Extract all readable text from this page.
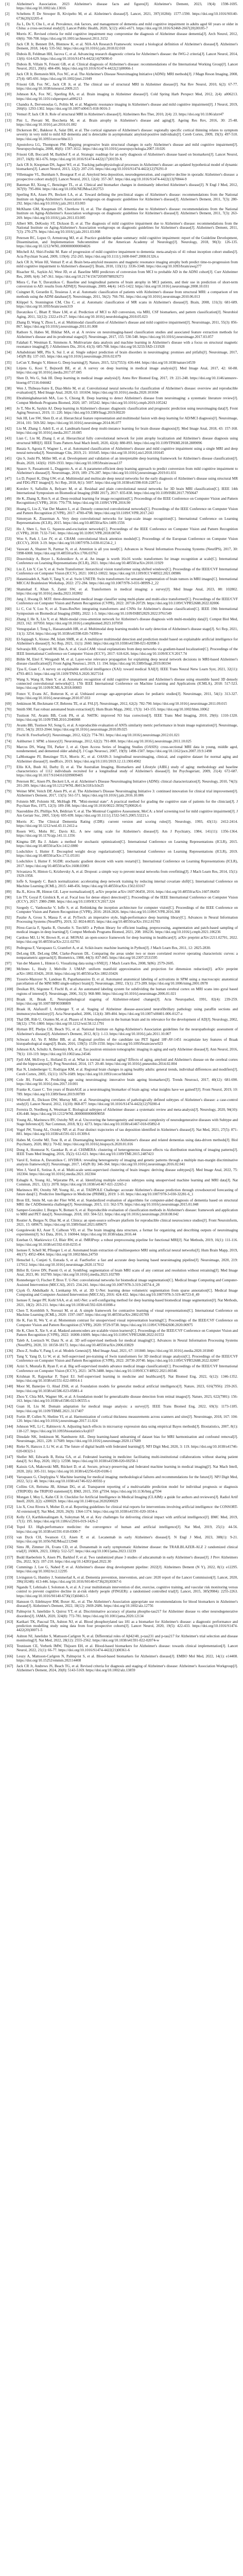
[1]	Alzheimer's Association. 2023 Alzheimer's disease facts and figures[J]. Alzheimer's Dement, 2023, 19(4): 1598-1695. https://doi.org/10.1002/alz.13016
[2]	Scheltens P, De Strooper B, Kivipelto M, et al. Alzheimer's disease[J]. Lancet, 2021, 397(10284): 1577-1590. https://doi.org/10.1016/S0140-6736(20)32205-4
[3]	Jia L, Du Y, Chu L, et al. Prevalence, risk factors, and management of dementia and mild cognitive impairment in adults aged 60 years or older in China: a cross-sectional study[J]. Lancet Public Health, 2020, 5(12): e661-e671. https://doi.org/10.1016/S2468-2667(20)30185-7
[4]	Morris JC. Revised criteria for mild cognitive impairment may compromise the diagnosis of Alzheimer disease dementia[J]. Arch Neurol, 2012, 69(6): 700-708. https://doi.org/10.1001/archneurol.2011.3152
[5]	Jack CR Jr, Bennett DA, Blennow K, et al. NIA-AA Research Framework: toward a biological definition of Alzheimer's disease[J]. Alzheimer's Dement, 2018, 14(4): 535-562. https://doi.org/10.1016/j.jalz.2018.02.018
[6]	Dubois B, Feldman HH, Jacova C, et al. Advancing research diagnostic criteria for Alzheimer's disease: the IWG-2 criteria[J]. Lancet Neurol, 2014, 13(6): 614-629. https://doi.org/10.1016/S1474-4422(14)70090-0
[7]	Dubois B, Villain N, Frisoni GB, et al. Clinical diagnosis of Alzheimer's disease: recommendations of the International Working Group[J]. Lancet Neurol, 2021, 20(6): 484-496. https://doi.org/10.1016/S1474-4422(21)00066-1
[8]	Jack CR Jr, Bernstein MA, Fox NC, et al. The Alzheimer's Disease Neuroimaging Initiative (ADNI): MRI methods[J]. J Magn Reson Imaging, 2008, 27(4): 685-691. https://doi.org/10.1002/jmri.21049
[9]	Frisoni GB, Fox NC, Jack CR Jr, et al. The clinical use of structural MRI in Alzheimer disease[J]. Nat Rev Neurol, 2010, 6(2): 67-77. https://doi.org/10.1038/nrneurol.2009.215
[10]	Johnson KA, Fox NC, Sperling RA, et al. Brain imaging in Alzheimer disease[J]. Cold Spring Harb Perspect Med, 2012, 2(4): a006213. https://doi.org/10.1101/cshperspect.a006213
[11]	Chandra A, Dervenoulas G, Politis M, et al. Magnetic resonance imaging in Alzheimer's disease and mild cognitive impairment[J]. J Neurol, 2019, 266(6): 1293-1302. https://doi.org/10.1007/s00415-018-9016-3
[12]	Vemuri P, Jack CR Jr. Role of structural MRI in Alzheimer's disease[J]. Alzheimers Res Ther, 2010, 2(4): 23. https://doi.org/10.1186/alzrt47
[13]	Pini L, Pievani M, Bocchetta M, et al. Brain atrophy in Alzheimer's disease and aging[J]. Ageing Res Rev, 2016, 30: 25-48. https://doi.org/10.1016/j.arr.2016.01.002
[14]	Dickerson BC, Bakkour A, Salat DH, et al. The cortical signature of Alzheimer's disease: regionally specific cortical thinning relates to symptom severity in very mild to mild AD dementia and is detectable in asymptomatic amyloid-positive individuals[J]. Cereb Cortex, 2009, 19(3): 497-510. https://doi.org/10.1093/cercor/bhn113
[15]	Apostolova LG, Thompson PM. Mapping progressive brain structural changes in early Alzheimer's disease and mild cognitive impairment[J]. Neuropsychologia, 2008, 46(6): 1597-1612. https://doi.org/10.1016/j.neuropsychologia.2007.10.026
[16]	Frisoni GB, Boccardi M, Barkhof F, et al. Strategic roadmap for an early diagnosis of Alzheimer's disease based on biomarkers[J]. Lancet Neurol, 2017, 16(8): 661-676. https://doi.org/10.1016/S1474-4422(17)30159-X
[17]	Jack CR Jr, Knopman DS, Jagust WJ, et al. Tracking pathophysiological processes in Alzheimer's disease: an updated hypothetical model of dynamic biomarkers[J]. Lancet Neurol, 2013, 12(2): 207-216. https://doi.org/10.1016/S1474-4422(12)70291-0
[18]	Villemagne VL, Burnham S, Bourgeat P, et al. Amyloid beta deposition, neurodegeneration, and cognitive decline in sporadic Alzheimer's disease: a prospective cohort study[J]. Lancet Neurol, 2013, 12(4): 357-367. https://doi.org/10.1016/S1474-4422(13)70044-9
[19]	Bateman RJ, Xiong C, Benzinger TL, et al. Clinical and biomarker changes in dominantly inherited Alzheimer's disease[J]. N Engl J Med, 2012, 367(9): 795-804. https://doi.org/10.1056/NEJMoa1202753
[20]	Sperling RA, Aisen PS, Beckett LA, et al. Toward defining the preclinical stages of Alzheimer's disease: recommendations from the National Institute on Aging-Alzheimer's Association workgroups on diagnostic guidelines for Alzheimer's disease[J]. Alzheimer's Dement, 2011, 7(3): 280-292. https://doi.org/10.1016/j.jalz.2011.03.003
[21]	McKhann GM, Knopman DS, Chertkow H, et al. The diagnosis of dementia due to Alzheimer's disease: recommendations from the National Institute on Aging-Alzheimer's Association workgroups on diagnostic guidelines for Alzheimer's disease[J]. Alzheimer's Dement, 2011, 7(3): 263-269. https://doi.org/10.1016/j.jalz.2011.03.005
[22]	Albert MS, DeKosky ST, Dickson D, et al. The diagnosis of mild cognitive impairment due to Alzheimer's disease: recommendations from the National Institute on Aging-Alzheimer's Association workgroups on diagnostic guidelines for Alzheimer's disease[J]. Alzheimer's Dement, 2011, 7(3): 270-279. https://doi.org/10.1016/j.jalz.2011.03.008
[23]	Petersen RC, Lopez O, Armstrong MJ, et al. Practice guideline update summary: mild cognitive impairment: report of the Guideline Development, Dissemination, and Implementation Subcommittee of the American Academy of Neurology[J]. Neurology, 2018, 90(3): 126-135. https://doi.org/10.1212/WNL.0000000000004826
[24]	Mitchell AJ, Shiri-Feshki M. Rate of progression of mild cognitive impairment to dementia: meta-analysis of 41 robust inception cohort studies[J]. Acta Psychiatr Scand, 2009, 119(4): 252-265. https://doi.org/10.1111/j.1600-0447.2008.01326.x
[25]	Jack CR Jr, Wiste HJ, Vemuri P, et al. Brain beta-amyloid measures and magnetic resonance imaging atrophy both predict time-to-progression from mild cognitive impairment to Alzheimer's disease[J]. Brain, 2010, 133(11): 3336-3348. https://doi.org/10.1093/brain/awq277
[26]	Risacher SL, Saykin AJ, West JD, et al. Baseline MRI predictors of conversion from MCI to probable AD in the ADNI cohort[J]. Curr Alzheimer Res, 2009, 6(4): 347-361. https://doi.org/10.2174/156720509788929273
[27]	Misra C, Fan Y, Davatzikos C. Baseline and longitudinal patterns of brain atrophy in MCI patients, and their use in prediction of short-term conversion to AD: results from ADNI[J]. Neuroimage, 2009, 44(4): 1415-1422. https://doi.org/10.1016/j.neuroimage.2008.10.031
[28]	Cuingnet R, Gerardin E, Tessieras J, et al. Automatic classification of patients with Alzheimer's disease from structural MRI: a comparison of ten methods using the ADNI database[J]. Neuroimage, 2011, 56(2): 766-781. https://doi.org/10.1016/j.neuroimage.2010.06.013
[29]	Klöppel S, Stonnington CM, Chu C, et al. Automatic classification of MR scans in Alzheimer's disease[J]. Brain, 2008, 131(3): 681-689. https://doi.org/10.1093/brain/awm319
[30]	Davatzikos C, Bhatt P, Shaw LM, et al. Prediction of MCI to AD conversion, via MRI, CSF biomarkers, and pattern classification[J]. Neurobiol Aging, 2011, 32(12): 2322.e19-27. https://doi.org/10.1016/j.neurobiolaging.2010.05.023
[31]	Zhang D, Wang Y, Zhou L, et al. Multimodal classification of Alzheimer's disease and mild cognitive impairment[J]. Neuroimage, 2011, 55(3): 856-867. https://doi.org/10.1016/j.neuroimage.2011.01.008
[32]	Rathore S, Habes M, Iftikhar MA, et al. A review on neuroimaging-based classification studies and associated feature extraction methods for Alzheimer's disease and its prodromal stages[J]. Neuroimage, 2017, 155: 530-548. https://doi.org/10.1016/j.neuroimage.2017.03.057
[33]	Falahati F, Westman E, Simmons A. Multivariate data analysis and machine learning in Alzheimer's disease with a focus on structural magnetic resonance imaging[J]. J Alzheimers Dis, 2014, 41(3): 685-708. https://doi.org/10.3233/JAD-131928
[34]	Arbabshirani MR, Plis S, Sui J, et al. Single subject prediction of brain disorders in neuroimaging: promises and pitfalls[J]. Neuroimage, 2017, 145(Pt B): 137-165. https://doi.org/10.1016/j.neuroimage.2016.02.079
[35]	LeCun Y, Bengio Y, Hinton G. Deep learning[J]. Nature, 2015, 521(7553): 436-444. https://doi.org/10.1038/nature14539
[36]	Litjens G, Kooi T, Bejnordi BE, et al. A survey on deep learning in medical image analysis[J]. Med Image Anal, 2017, 42: 60-88. https://doi.org/10.1016/j.media.2017.07.005
[37]	Shen D, Wu G, Suk HI. Deep learning in medical image analysis[J]. Annu Rev Biomed Eng, 2017, 19: 221-248. https://doi.org/10.1146/annurev-bioeng-071516-044442
[38]	Wen J, Thibeau-Sutre E, Diaz-Melo M, et al. Convolutional neural networks for classification of Alzheimer's disease: overview and reproducible evaluation[J]. Med Image Anal, 2020, 63: 101694. https://doi.org/10.1016/j.media.2020.101694
[39]	Ebrahimighahnavieh MA, Luo S, Chiong R. Deep learning to detect Alzheimer's disease from neuroimaging: a systematic literature review[J]. Comput Methods Programs Biomed, 2020, 187: 105242. https://doi.org/10.1016/j.cmpb.2019.105242
[40]	Jo T, Nho K, Saykin AJ. Deep learning in Alzheimer's disease: diagnostic classification and prognostic prediction using neuroimaging data[J]. Front Aging Neurosci, 2019, 11: 220. https://doi.org/10.3389/fnagi.2019.00220
[41]	Suk HI, Lee SW, Shen D, et al. Hierarchical feature representation and multimodal fusion with deep learning for AD/MCI diagnosis[J]. Neuroimage, 2014, 101: 569-582. https://doi.org/10.1016/j.neuroimage.2014.06.077
[42]	Liu M, Zhang J, Adeli E, et al. Landmark-based deep multi-instance learning for brain disease diagnosis[J]. Med Image Anal, 2018, 43: 157-168. https://doi.org/10.1016/j.media.2017.10.005
[43]	Lian C, Liu M, Zhang J, et al. Hierarchical fully convolutional network for joint atrophy localization and Alzheimer's disease diagnosis using structural MRI[J]. IEEE Trans Pattern Anal Mach Intell, 2020, 42(4): 880-893. https://doi.org/10.1109/TPAMI.2018.2889096
[44]	Basaia S, Agosta F, Wagner L, et al. Automated classification of Alzheimer's disease and mild cognitive impairment using a single MRI and deep neural networks[J]. Neuroimage Clin, 2019, 21: 101645. https://doi.org/10.1016/j.nicl.2018.101645
[45]	Qiu S, Joshi PS, Miller MI, et al. Development and validation of an interpretable deep learning framework for Alzheimer's disease classification[J]. Brain, 2020, 143(6): 1920-1933. https://doi.org/10.1093/brain/awaa137
[46]	Spasov S, Passamonti L, Duggento A, et al. A parameter-efficient deep learning approach to predict conversion from mild cognitive impairment to Alzheimer's disease[J]. Neuroimage, 2019, 189: 276-287. https://doi.org/10.1016/j.neuroimage.2019.01.031
[47]	Lu D, Popuri K, Ding GW, et al. Multimodal and multiscale deep neural networks for the early diagnosis of Alzheimer's disease using structural MR and FDG-PET images[J]. Sci Rep, 2018, 8(1): 5697. https://doi.org/10.1038/s41598-018-22871-z
[48]	Korolev S, Safiullin A, Belyaev M, et al. Residual and plain convolutional neural networks for 3D brain MRI classification[C]. IEEE 14th International Symposium on Biomedical Imaging (ISBI 2017), 2017: 835-838. https://doi.org/10.1109/ISBI.2017.7950647
[49]	He K, Zhang X, Ren S, et al. Deep residual learning for image recognition[C]. Proceedings of the IEEE Conference on Computer Vision and Pattern Recognition (CVPR), 2016: 770-778. https://doi.org/10.1109/CVPR.2016.90
[50]	Huang G, Liu Z, Van Der Maaten L, et al. Densely connected convolutional networks[C]. Proceedings of the IEEE Conference on Computer Vision and Pattern Recognition (CVPR), 2017: 4700-4708. https://doi.org/10.1109/CVPR.2017.243
[51]	Simonyan K, Zisserman A. Very deep convolutional networks for large-scale image recognition[C]. International Conference on Learning Representations (ICLR), 2015. https://doi.org/10.48550/arXiv.1409.1556
[52]	Hu J, Shen L, Sun G. Squeeze-and-excitation networks[C]. Proceedings of the IEEE Conference on Computer Vision and Pattern Recognition (CVPR), 2018: 7132-7141. https://doi.org/10.1109/CVPR.2018.00745
[53]	Woo S, Park J, Lee JY, et al. CBAM: convolutional block attention module[C]. Proceedings of the European Conference on Computer Vision (ECCV), 2018: 3-19. https://doi.org/10.1007/978-3-030-01234-2_1
[54]	Vaswani A, Shazeer N, Parmar N, et al. Attention is all you need[C]. Advances in Neural Information Processing Systems (NeurIPS), 2017, 30: 5998-6008. https://doi.org/10.48550/arXiv.1706.03762
[55]	Dosovitskiy A, Beyer L, Kolesnikov A, et al. An image is worth 16x16 words: transformers for image recognition at scale[C]. International Conference on Learning Representations (ICLR), 2021. https://doi.org/10.48550/arXiv.2010.11929
[56]	Liu Z, Lin Y, Cao Y, et al. Swin Transformer: hierarchical vision transformer using shifted windows[C]. Proceedings of the IEEE/CVF International Conference on Computer Vision (ICCV), 2021: 10012-10022. https://doi.org/10.1109/ICCV48922.2021.00986
[57]	Hatamizadeh A, Nath V, Tang Y, et al. Swin UNETR: Swin transformers for semantic segmentation of brain tumors in MRI images[C]. International MICCAI Brainlesion Workshop, 2022: 272-284. https://doi.org/10.1007/978-3-031-08999-2_22
[58]	Shamshad F, Khan S, Zamir SW, et al. Transformers in medical imaging: a survey[J]. Med Image Anal, 2023, 88: 102802. https://doi.org/10.1016/j.media.2023.102802
[59]	Jang J, Hwang D. M3T: three-dimensional medical image classifier using multi-plane and multi-slice transformer[C]. Proceedings of the IEEE/CVF Conference on Computer Vision and Pattern Recognition (CVPR), 2022: 20718-20729. https://doi.org/10.1109/CVPR52688.2022.02006
[60]	Li C, Cui Y, Luo N, et al. Trans-ResNet: integrating transformers and CNNs for Alzheimer's disease classification[C]. IEEE 19th International Symposium on Biomedical Imaging (ISBI), 2022: 1-5. https://doi.org/10.1109/ISBI52829.2022.9761549
[61]	Zhang J, He X, Liu Y, et al. Multi-modal cross-attention network for Alzheimer's disease diagnosis with multi-modality data[J]. Comput Biol Med, 2023, 162: 107050. https://doi.org/10.1016/j.compbiomed.2023.107050
[62]	Venugopalan J, Tong L, Hassanzadeh HR, et al. Multimodal deep learning models for early detection of Alzheimer's disease stage[J]. Sci Rep, 2021, 11(1): 3254. https://doi.org/10.1038/s41598-020-74399-w
[63]	El-Sappagh S, Alonso JM, Islam SMR, et al. A multilayer multimodal detection and prediction model based on explainable artificial intelligence for Alzheimer's disease[J]. Sci Rep, 2021, 11(1): 2660. https://doi.org/10.1038/s41598-021-82098-3
[64]	Selvaraju RR, Cogswell M, Das A, et al. Grad-CAM: visual explanations from deep networks via gradient-based localization[C]. Proceedings of the IEEE International Conference on Computer Vision (ICCV), 2017: 618-626. https://doi.org/10.1109/ICCV.2017.74
[65]	Böhle M, Eitel F, Weygandt M, et al. Layer-wise relevance propagation for explaining deep neural network decisions in MRI-based Alzheimer's disease classification[J]. Front Aging Neurosci, 2019, 11: 194. https://doi.org/10.3389/fnagi.2019.00194
[66]	Tjoa E, Guan C. A survey on explainable artificial intelligence (XAI): toward medical XAI[J]. IEEE Trans Neural Netw Learn Syst, 2021, 32(11): 4793-4813. https://doi.org/10.1109/TNNLS.2020.3027314
[67]	Wang S, Wang H, Shen Y, et al. Automatic recognition of mild cognitive impairment and Alzheimer's disease using ensemble based 3D densely connected convolutional networks[C]. 17th IEEE International Conference on Machine Learning and Applications (ICMLA), 2018: 517-523. https://doi.org/10.1109/ICMLA.2018.00083
[68]	Fonov V, Evans AC, Botteron K, et al. Unbiased average age-appropriate atlases for pediatric studies[J]. Neuroimage, 2011, 54(1): 313-327. https://doi.org/10.1016/j.neuroimage.2010.07.033
[69]	Jenkinson M, Beckmann CF, Behrens TE, et al. FSL[J]. Neuroimage, 2012, 62(2): 782-790. https://doi.org/10.1016/j.neuroimage.2011.09.015
[70]	Smith SM. Fast robust automated brain extraction[J]. Hum Brain Mapp, 2002, 17(3): 143-155. https://doi.org/10.1002/hbm.10062
[71]	Tustison NJ, Avants BB, Cook PA, et al. N4ITK: improved N3 bias correction[J]. IEEE Trans Med Imaging, 2010, 29(6): 1310-1320. https://doi.org/10.1109/TMI.2010.2046908
[72]	Avants BB, Tustison NJ, Song G, et al. A reproducible evaluation of ANTs similarity metric performance in brain image registration[J]. Neuroimage, 2011, 54(3): 2033-2044. https://doi.org/10.1016/j.neuroimage.2010.09.025
[73]	Fischl B. FreeSurfer[J]. Neuroimage, 2012, 62(2): 774-781. https://doi.org/10.1016/j.neuroimage.2012.01.021
[74]	Ashburner J. SPM: a history[J]. Neuroimage, 2012, 62(2): 791-800. https://doi.org/10.1016/j.neuroimage.2011.10.025
[75]	Marcus DS, Wang TH, Parker J, et al. Open Access Series of Imaging Studies (OASIS): cross-sectional MRI data in young, middle aged, nondemented, and demented older adults[J]. J Cogn Neurosci, 2007, 19(9): 1498-1507. https://doi.org/10.1162/jocn.2007.19.9.1498
[76]	LaMontagne PJ, Benzinger TLS, Morris JC, et al. OASIS-3: longitudinal neuroimaging, clinical, and cognitive dataset for normal aging and Alzheimer disease[J]. medRxiv, 2019. https://doi.org/10.1101/2019.12.13.19014902
[77]	Ellis KA, Bush AI, Darby D, et al. The Australian Imaging, Biomarkers and Lifestyle (AIBL) study of aging: methodology and baseline characteristics of 1112 individuals recruited for a longitudinal study of Alzheimer's disease[J]. Int Psychogeriatr, 2009, 21(4): 672-687. https://doi.org/10.1017/S1041610209009405
[78]	Petersen RC, Aisen PS, Beckett LA, et al. Alzheimer's Disease Neuroimaging Initiative (ADNI): clinical characterization[J]. Neurology, 2010, 74(3): 201-209. https://doi.org/10.1212/WNL.0b013e3181cb3e25
[79]	Weiner MW, Veitch DP, Aisen PS, et al. The Alzheimer's Disease Neuroimaging Initiative 3: continued innovation for clinical trial improvement[J]. Alzheimer's Dement, 2017, 13(5): 561-571. https://doi.org/10.1016/j.jalz.2016.10.006
[80]	Folstein MF, Folstein SE, McHugh PR. "Mini-mental state". A practical method for grading the cognitive state of patients for the clinician[J]. J Psychiatr Res, 1975, 12(3): 189-198. https://doi.org/10.1016/0022-3956(75)90026-6
[81]	Nasreddine ZS, Phillips NA, Bédirian V, et al. The Montreal Cognitive Assessment, MoCA: a brief screening tool for mild cognitive impairment[J]. J Am Geriatr Soc, 2005, 53(4): 695-699. https://doi.org/10.1111/j.1532-5415.2005.53221.x
[82]	Morris JC. The Clinical Dementia Rating (CDR): current version and scoring rules[J]. Neurology, 1993, 43(11): 2412-2414. https://doi.org/10.1212/wnl.43.11.2412-a
[83]	Rosen WG, Mohs RC, Davis KL. A new rating scale for Alzheimer's disease[J]. Am J Psychiatry, 1984, 141(11): 1356-1364. https://doi.org/10.1176/ajp.141.11.1356
[84]	Kingma DP, Ba J. Adam: a method for stochastic optimization[C]. International Conference on Learning Representations (ICLR), 2015. https://doi.org/10.48550/arXiv.1412.6980
[85]	Loshchilov I, Hutter F. Decoupled weight decay regularization[C]. International Conference on Learning Representations (ICLR), 2019. https://doi.org/10.48550/arXiv.1711.05101
[86]	Loshchilov I, Hutter F. SGDR: stochastic gradient descent with warm restarts[C]. International Conference on Learning Representations (ICLR), 2017. https://doi.org/10.48550/arXiv.1608.03983
[87]	Srivastava N, Hinton G, Krizhevsky A, et al. Dropout: a simple way to prevent neural networks from overfitting[J]. J Mach Learn Res, 2014, 15(1): 1929-1958.
[88]	Ioffe S, Szegedy C. Batch normalization: accelerating deep network training by reducing internal covariate shift[C]. International Conference on Machine Learning (ICML), 2015: 448-456. https://doi.org/10.48550/arXiv.1502.03167
[89]	Ba JL, Kiros JR, Hinton GE. Layer normalization[J]. arXiv preprint arXiv:1607.06450, 2016. https://doi.org/10.48550/arXiv.1607.06450
[90]	Lin TY, Goyal P, Girshick R, et al. Focal loss for dense object detection[C]. Proceedings of the IEEE International Conference on Computer Vision (ICCV), 2017: 2980-2988. https://doi.org/10.1109/ICCV.2017.324
[91]	Szegedy C, Vanhoucke V, Ioffe S, et al. Rethinking the inception architecture for computer vision[C]. Proceedings of the IEEE Conference on Computer Vision and Pattern Recognition (CVPR), 2016: 2818-2826. https://doi.org/10.1109/CVPR.2016.308
[92]	Paszke A, Gross S, Massa F, et al. PyTorch: an imperative style, high-performance deep learning library[C]. Advances in Neural Information Processing Systems (NeurIPS), 2019, 32: 8024-8035. https://doi.org/10.48550/arXiv.1912.01703
[93]	Pérez-García F, Sparks R, Ourselin S. TorchIO: a Python library for efficient loading, preprocessing, augmentation and patch-based sampling of medical images in deep learning[J]. Comput Methods Programs Biomed, 2021, 208: 106236. https://doi.org/10.1016/j.cmpb.2021.106236
[94]	Cardoso MJ, Li W, Brown R, et al. MONAI: an open-source framework for deep learning in healthcare[J]. arXiv preprint arXiv:2211.02701, 2022. https://doi.org/10.48550/arXiv.2211.02701
[95]	Pedregosa F, Varoquaux G, Gramfort A, et al. Scikit-learn: machine learning in Python[J]. J Mach Learn Res, 2011, 12: 2825-2830.
[96]	DeLong ER, DeLong DM, Clarke-Pearson DL. Comparing the areas under two or more correlated receiver operating characteristic curves: a nonparametric approach[J]. Biometrics, 1988, 44(3): 837-845. https://doi.org/10.2307/2531595
[97]	Van der Maaten L, Hinton G. Visualizing data using t-SNE[J]. J Mach Learn Res, 2008, 9(86): 2579-2605.
[98]	McInnes L, Healy J, Melville J. UMAP: uniform manifold approximation and projection for dimension reduction[J]. arXiv preprint arXiv:1802.03426, 2018. https://doi.org/10.48550/arXiv.1802.03426
[99]	Tzourio-Mazoyer N, Landeau B, Papathanassiou D, et al. Automated anatomical labeling of activations in SPM using a macroscopic anatomical parcellation of the MNI MRI single-subject brain[J]. Neuroimage, 2002, 15(1): 273-289. https://doi.org/10.1006/nimg.2001.0978
[100] Desikan RS, Ségonne F, Fischl B, et al. An automated labeling system for subdividing the human cerebral cortex on MRI scans into gyral based regions of interest[J]. Neuroimage, 2006, 31(3): 968-980. https://doi.org/10.1016/j.neuroimage.2006.01.021
[101] Braak H, Braak E. Neuropathological stageing of Alzheimer-related changes[J]. Acta Neuropathol, 1991, 82(4): 239-259. https://doi.org/10.1007/BF00308809
[102] Braak H, Alafuzoff I, Arzberger T, et al. Staging of Alzheimer disease-associated neurofibrillary pathology using paraffin sections and immunocytochemistry[J]. Acta Neuropathol, 2006, 112(4): 389-404. https://doi.org/10.1007/s00401-006-0127-z
[103] Thal DR, Rüb U, Orantes M, et al. Phases of A beta-deposition in the human brain and its relevance for the development of AD[J]. Neurology, 2002, 58(12): 1791-1800. https://doi.org/10.1212/wnl.58.12.1791
[104] Hyman BT, Phelps CH, Beach TG, et al. National Institute on Aging-Alzheimer's Association guidelines for the neuropathologic assessment of Alzheimer's disease[J]. Alzheimer's Dement, 2012, 8(1): 1-13. https://doi.org/10.1016/j.jalz.2011.10.007
[105] Schwarz AJ, Yu P, Miller BB, et al. Regional profiles of the candidate tau PET ligand 18F-AV-1451 recapitulate key features of Braak histopathological stages[J]. Brain, 2016, 139(5): 1539-1550. https://doi.org/10.1093/brain/aww023
[106] Johnson KA, Schultz A, Betensky RA, et al. Tau positron emission tomographic imaging in aging and early Alzheimer disease[J]. Ann Neurol, 2016, 79(1): 110-119. https://doi.org/10.1002/ana.24546
[107] Fjell AM, McEvoy L, Holland D, et al. What is normal in normal aging? Effects of aging, amyloid and Alzheimer's disease on the cerebral cortex and the hippocampus[J]. Prog Neurobiol, 2014, 117: 20-40. https://doi.org/10.1016/j.pneurobio.2014.02.004
[108] Raz N, Lindenberger U, Rodrigue KM, et al. Regional brain changes in aging healthy adults: general trends, individual differences and modifiers[J]. Cereb Cortex, 2005, 15(11): 1676-1689. https://doi.org/10.1093/cercor/bhi044
[109] Cole JH, Franke K. Predicting age using neuroimaging: innovative brain ageing biomarkers[J]. Trends Neurosci, 2017, 40(12): 681-690. https://doi.org/10.1016/j.tins.2017.10.001
[110] Franke K, Gaser C. Ten years of BrainAGE as a neuroimaging biomarker of brain aging: what insights have we gained?[J]. Front Neurol, 2019, 10: 789. https://doi.org/10.3389/fneur.2019.00789
[111] Whitwell JL, Dickson DW, Murray ME, et al. Neuroimaging correlates of pathologically defined subtypes of Alzheimer's disease: a case-control study[J]. Lancet Neurol, 2012, 11(10): 868-877. https://doi.org/10.1016/S1474-4422(12)70200-4
[112] Ferreira D, Nordberg A, Westman E. Biological subtypes of Alzheimer disease: a systematic review and meta-analysis[J]. Neurology, 2020, 94(10): 436-448. https://doi.org/10.1212/WNL.0000000000009058
[113] Young AL, Marinescu RV, Oxtoby NP, et al. Uncovering the heterogeneity and temporal complexity of neurodegenerative diseases with Subtype and Stage Inference[J]. Nat Commun, 2018, 9(1): 4273. https://doi.org/10.1038/s41467-018-05892-0
[114] Vogel JW, Young AL, Oxtoby NP, et al. Four distinct trajectories of tau deposition identified in Alzheimer's disease[J]. Nat Med, 2021, 27(5): 871-881. https://doi.org/10.1038/s41591-021-01309-6
[115] Habes M, Grothe MJ, Tunc B, et al. Disentangling heterogeneity in Alzheimer's disease and related dementias using data-driven methods[J]. Biol Psychiatry, 2020, 88(1): 70-82. https://doi.org/10.1016/j.biopsych.2020.01.016
[116] Dong A, Honnorat N, Gaonkar B, et al. CHIMERA: clustering of heterogeneous disease effects via distribution matching of imaging patterns[J]. IEEE Trans Med Imaging, 2016, 35(2): 612-621. https://doi.org/10.1109/TMI.2015.2487423
[117] Varol E, Sotiras A, Davatzikos C. HYDRA: revealing heterogeneity of imaging and genetic patterns through a multiple max-margin discriminative analysis framework[J]. Neuroimage, 2017, 145(Pt B): 346-364. https://doi.org/10.1016/j.neuroimage.2016.02.041
[118] Wen J, Varol E, Sotiras A, et al. Multi-scale semi-supervised clustering of brain images: deriving disease subtypes[J]. Med Image Anal, 2022, 75: 102304. https://doi.org/10.1016/j.media.2021.102304
[119] Eshaghi A, Young AL, Wijeratne PA, et al. Identifying multiple sclerosis subtypes using unsupervised machine learning and MRI data[J]. Nat Commun, 2021, 12(1): 2078. https://doi.org/10.1038/s41467-021-22265-2
[120] Marinescu RV, Oxtoby NP, Young AL, et al. TADPOLE Challenge: accurate Alzheimer's disease prediction through crowdsourced forecasting of future data[C]. Predictive Intelligence in Medicine (PRIME), 2019: 1-10. https://doi.org/10.1007/978-3-030-32281-6_1
[121] Bron EE, Smits M, van der Flier WM, et al. Standardized evaluation of algorithms for computer-aided diagnosis of dementia based on structural MRI: the CADDementia challenge[J]. Neuroimage, 2015, 111: 562-579. https://doi.org/10.1016/j.neuroimage.2015.01.048
[122] Samper-González J, Burgos N, Bottani S, et al. Reproducible evaluation of classification methods in Alzheimer's disease: framework and application to MRI and PET data[J]. Neuroimage, 2018, 183: 504-521. https://doi.org/10.1016/j.neuroimage.2018.08.042
[123] Routier A, Burgos N, Díaz M, et al. Clinica: an open-source software platform for reproducible clinical neuroscience studies[J]. Front Neuroinform, 2021, 15: 689675. https://doi.org/10.3389/fninf.2021.689675
[124] Gorgolewski KJ, Auer T, Calhoun VD, et al. The brain imaging data structure, a format for organizing and describing outputs of neuroimaging experiments[J]. Sci Data, 2016, 3: 160044. https://doi.org/10.1038/sdata.2016.44
[125] Esteban O, Markiewicz CJ, Blair RW, et al. fMRIPrep: a robust preprocessing pipeline for functional MRI[J]. Nat Methods, 2019, 16(1): 111-116. https://doi.org/10.1038/s41592-018-0235-4
[126] Isensee F, Schell M, Pflueger I, et al. Automated brain extraction of multisequence MRI using artificial neural networks[J]. Hum Brain Mapp, 2019, 40(17): 4952-4964. https://doi.org/10.1002/hbm.24750
[127] Henschel L, Conjeti S, Estrada S, et al. FastSurfer: a fast and accurate deep learning based neuroimaging pipeline[J]. Neuroimage, 2020, 219: 117012. https://doi.org/10.1016/j.neuroimage.2020.117012
[128] Billot B, Greve DN, Puonti O, et al. SynthSeg: segmentation of brain MRI scans of any contrast and resolution without retraining[J]. Med Image Anal, 2023, 86: 102789. https://doi.org/10.1016/j.media.2023.102789
[129] Ronneberger O, Fischer P, Brox T. U-Net: convolutional networks for biomedical image segmentation[C]. Medical Image Computing and Computer-Assisted Intervention (MICCAI), 2015: 234-241. https://doi.org/10.1007/978-3-319-24574-4_28
[130] Çiçek Ö, Abdulkadir A, Lienkamp SS, et al. 3D U-Net: learning dense volumetric segmentation from sparse annotation[C]. Medical Image Computing and Computer-Assisted Intervention (MICCAI), 2016: 424-432. https://doi.org/10.1007/978-3-319-46723-8_49
[131] Isensee F, Jaeger PF, Kohl SAA, et al. nnU-Net: a self-configuring method for deep learning-based biomedical image segmentation[J]. Nat Methods, 2021, 18(2): 203-211. https://doi.org/10.1038/s41592-020-01008-z
[132] Chen T, Kornblith S, Norouzi M, et al. A simple framework for contrastive learning of visual representations[C]. International Conference on Machine Learning (ICML), 2020: 1597-1607. https://doi.org/10.48550/arXiv.2002.05709
[133] He K, Fan H, Wu Y, et al. Momentum contrast for unsupervised visual representation learning[C]. Proceedings of the IEEE/CVF Conference on Computer Vision and Pattern Recognition (CVPR), 2020: 9729-9738. https://doi.org/10.1109/CVPR42600.2020.00975
[134] He K, Chen X, Xie S, et al. Masked autoencoders are scalable vision learners[C]. Proceedings of the IEEE/CVF Conference on Computer Vision and Pattern Recognition (CVPR), 2022: 16000-16009. https://doi.org/10.1109/CVPR52688.2022.01553
[135] Taleb A, Loetzsch W, Danz N, et al. 3D self-supervised methods for medical imaging[C]. Advances in Neural Information Processing Systems (NeurIPS), 2020, 33: 18158-18172. https://doi.org/10.48550/arXiv.2006.03829
[136] Zhou Z, Sodha V, Pang J, et al. Models Genesis[J]. Med Image Anal, 2021, 67: 101840. https://doi.org/10.1016/j.media.2020.101840
[137] Tang Y, Yang D, Li W, et al. Self-supervised pre-training of Swin transformers for 3D medical image analysis[C]. Proceedings of the IEEE/CVF Conference on Computer Vision and Pattern Recognition (CVPR), 2022: 20730-20740. https://doi.org/10.1109/CVPR52688.2022.02007
[138] Azizi S, Mustafa B, Ryan F, et al. Big self-supervised models advance medical image classification[C]. Proceedings of the IEEE/CVF International Conference on Computer Vision (ICCV), 2021: 3478-3488. https://doi.org/10.1109/ICCV48922.2021.00346
[139] Krishnan R, Rajpurkar P, Topol EJ. Self-supervised learning in medicine and healthcare[J]. Nat Biomed Eng, 2022, 6(12): 1346-1352. https://doi.org/10.1038/s41551-022-00914-1
[140] Moor M, Banerjee O, Abad ZSH, et al. Foundation models for generalist medical artificial intelligence[J]. Nature, 2023, 616(7956): 259-265. https://doi.org/10.1038/s41586-023-05881-4
[141] Zhou Y, Chia MA, Wagner SK, et al. A foundation model for generalizable disease detection from retinal images[J]. Nature, 2023, 622(7981): 156-163. https://doi.org/10.1038/s41586-023-06555-x
[142] Guan H, Liu M. Domain adaptation for medical image analysis: a survey[J]. IEEE Trans Biomed Eng, 2022, 69(3): 1173-1185. https://doi.org/10.1109/TBME.2021.3117407
[143] Fortin JP, Cullen N, Sheline YI, et al. Harmonization of cortical thickness measurements across scanners and sites[J]. Neuroimage, 2018, 167: 104-120. https://doi.org/10.1016/j.neuroimage.2017.11.024
[144] Johnson WE, Li C, Rabinovic A. Adjusting batch effects in microarray expression data using empirical Bayes methods[J]. Biostatistics, 2007, 8(1): 118-127. https://doi.org/10.1093/biostatistics/kxj037
[145] Dinsdale NK, Jenkinson M, Namburete AIL. Deep learning-based unlearning of dataset bias for MRI harmonisation and confound removal[J]. Neuroimage, 2021, 228: 117689. https://doi.org/10.1016/j.neuroimage.2020.117689
[146] Rieke N, Hancox J, Li W, et al. The future of digital health with federated learning[J]. NPJ Digit Med, 2020, 3: 119. https://doi.org/10.1038/s41746-020-00323-1
[147] Sheller MJ, Edwards B, Reina GA, et al. Federated learning in medicine: facilitating multi-institutional collaborations without sharing patient data[J]. Sci Rep, 2020, 10(1): 12598. https://doi.org/10.1038/s41598-020-69250-1
[148] Kaissis GA, Makowski MR, Rückert D, et al. Secure, privacy-preserving and federated machine learning in medical imaging[J]. Nat Mach Intell, 2020, 2(6): 305-311. https://doi.org/10.1038/s42256-020-0186-1
[149] Varoquaux G, Cheplygina V. Machine learning for medical imaging: methodological failures and recommendations for the future[J]. NPJ Digit Med, 2022, 5(1): 48. https://doi.org/10.1038/s41746-022-00592-y
[150] Collins GS, Reitsma JB, Altman DG, et al. Transparent reporting of a multivariable prediction model for individual prognosis or diagnosis (TRIPOD): the TRIPOD statement[J]. BMJ, 2015, 350: g7594. https://doi.org/10.1136/bmj.g7594
[151] Mongan J, Moy L, Kahn CE Jr. Checklist for Artificial Intelligence in Medical Imaging (CLAIM): a guide for authors and reviewers[J]. Radiol Artif Intell, 2020, 2(2): e200029. https://doi.org/10.1148/ryai.2020200029
[152] Liu X, Cruz Rivera S, Moher D, et al. Reporting guidelines for clinical trial reports for interventions involving artificial intelligence: the CONSORT-AI extension[J]. Nat Med, 2020, 26(9): 1364-1374. https://doi.org/10.1038/s41591-020-1034-x
[153] Kelly CJ, Karthikesalingam A, Suleyman M, et al. Key challenges for delivering clinical impact with artificial intelligence[J]. BMC Med, 2019, 17(1): 195. https://doi.org/10.1186/s12916-019-1426-2
[154] Topol EJ. High-performance medicine: the convergence of human and artificial intelligence[J]. Nat Med, 2019, 25(1): 44-56. https://doi.org/10.1038/s41591-018-0300-7
[155] van Dyck CH, Swanson CJ, Aisen P, et al. Lecanemab in early Alzheimer's disease[J]. N Engl J Med, 2023, 388(1): 9-21. https://doi.org/10.1056/NEJMoa2212948
[156] Sims JR, Zimmer JA, Evans CD, et al. Donanemab in early symptomatic Alzheimer disease: the TRAILBLAZER-ALZ 2 randomized clinical trial[J]. JAMA, 2023, 330(6): 512-527. https://doi.org/10.1001/jama.2023.13239
[157] Budd Haeberlein S, Aisen PS, Barkhof F, et al. Two randomized phase 3 studies of aducanumab in early Alzheimer's disease[J]. J Prev Alzheimers Dis, 2022, 9(2): 197-210. https://doi.org/10.14283/jpad.2022.30
[158] Cummings J, Lee G, Nahed P, et al. Alzheimer's disease drug development pipeline: 2022[J]. Alzheimers Dement (N Y), 2022, 8(1): e12295. https://doi.org/10.1002/trc2.12295
[159] Livingston G, Huntley J, Sommerlad A, et al. Dementia prevention, intervention, and care: 2020 report of the Lancet Commission[J]. Lancet, 2020, 396(10248): 413-446. https://doi.org/10.1016/S0140-6736(20)30367-6
[160] Ngandu T, Lehtisalo J, Solomon A, et al. A 2 year multidomain intervention of diet, exercise, cognitive training, and vascular risk monitoring versus control to prevent cognitive decline in at-risk elderly people (FINGER): a randomised controlled trial[J]. Lancet, 2015, 385(9984): 2255-2263. https://doi.org/10.1016/S0140-6736(15)60461-5
[161] Hansson O, Edelmayer RM, Boxer AL, et al. The Alzheimer's Association appropriate use recommendations for blood biomarkers in Alzheimer's disease[J]. Alzheimer's Dement, 2022, 18(12): 2669-2686. https://doi.org/10.1002/alz.12756
[162] Palmqvist S, Janelidze S, Quiroz YT, et al. Discriminative accuracy of plasma phospho-tau217 for Alzheimer disease vs other neurodegenerative disorders[J]. JAMA, 2020, 324(8): 772-781. https://doi.org/10.1001/jama.2020.12134
[163] Karikari TK, Pascoal TA, Ashton NJ, et al. Blood phosphorylated tau 181 as a biomarker for Alzheimer's disease: a diagnostic performance and prediction modelling study using data from four prospective cohorts[J]. Lancet Neurol, 2020, 19(5): 422-433. https://doi.org/10.1016/S1474-4422(20)30071-5
[164] Ashton NJ, Janelidze S, Mattsson-Carlgren N, et al. Differential roles of Aβ42/40, p-tau231 and p-tau217 for Alzheimer's trial selection and disease monitoring[J]. Nat Med, 2022, 28(12): 2555-2562. https://doi.org/10.1038/s41591-022-02074-w
[165] Teunissen CE, Verberk IMW, Thijssen EH, et al. Blood-based biomarkers for Alzheimer's disease: towards clinical implementation[J]. Lancet Neurol, 2022, 21(1): 66-77. https://doi.org/10.1016/S1474-4422(21)00361-6
[166] Leuzy A, Mattsson-Carlgren N, Palmqvist S, et al. Blood-based biomarkers for Alzheimer's disease[J]. EMBO Mol Med, 2022, 14(1): e14408. https://doi.org/10.15252/emmm.202114408
[167] Jack CR Jr, Andrews JS, Beach TG, et al. Revised criteria for diagnosis and staging of Alzheimer's disease: Alzheimer's Association Workgroup[J]. Alzheimer's Dement, 2024, 20(8): 5143-5169. https://doi.org/10.1002/alz.13859
